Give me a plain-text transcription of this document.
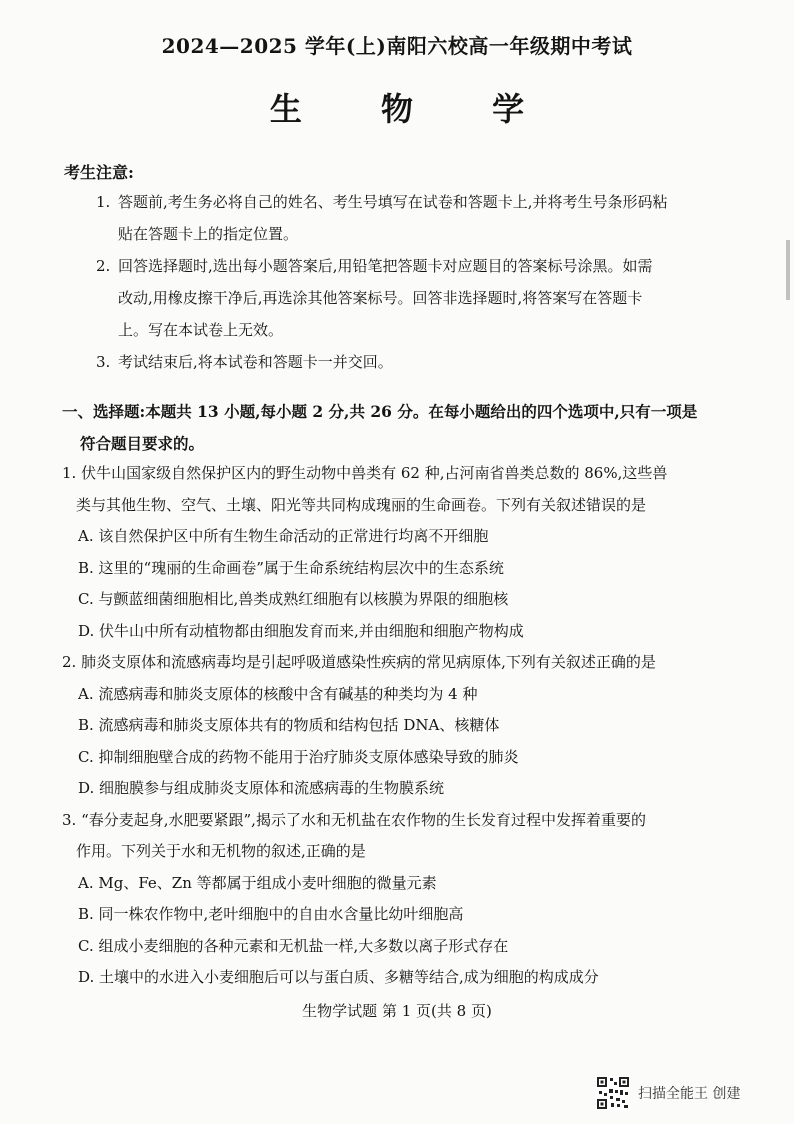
2024—2025 学年(上)南阳六校高一年级期中考试
生 物 学
考生注意:
1. 答题前,考生务必将自己的姓名、考生号填写在试卷和答题卡上,并将考生号条形码粘
贴在答题卡上的指定位置。
2. 回答选择题时,选出每小题答案后,用铅笔把答题卡对应题目的答案标号涂黑。如需
改动,用橡皮擦干净后,再选涂其他答案标号。回答非选择题时,将答案写在答题卡
上。写在本试卷上无效。
3. 考试结束后,将本试卷和答题卡一并交回。
一、选择题:本题共 13 小题,每小题 2 分,共 26 分。在每小题给出的四个选项中,只有一项是
符合题目要求的。
1. 伏牛山国家级自然保护区内的野生动物中兽类有 62 种,占河南省兽类总数的 86%,这些兽
类与其他生物、空气、土壤、阳光等共同构成瑰丽的生命画卷。下列有关叙述错误的是
A. 该自然保护区中所有生物生命活动的正常进行均离不开细胞
B. 这里的“瑰丽的生命画卷”属于生命系统结构层次中的生态系统
C. 与颤蓝细菌细胞相比,兽类成熟红细胞有以核膜为界限的细胞核
D. 伏牛山中所有动植物都由细胞发育而来,并由细胞和细胞产物构成
2. 肺炎支原体和流感病毒均是引起呼吸道感染性疾病的常见病原体,下列有关叙述正确的是
A. 流感病毒和肺炎支原体的核酸中含有碱基的种类均为 4 种
B. 流感病毒和肺炎支原体共有的物质和结构包括 DNA、核糖体
C. 抑制细胞壁合成的药物不能用于治疗肺炎支原体感染导致的肺炎
D. 细胞膜参与组成肺炎支原体和流感病毒的生物膜系统
3. “春分麦起身,水肥要紧跟”,揭示了水和无机盐在农作物的生长发育过程中发挥着重要的
作用。下列关于水和无机物的叙述,正确的是
A. Mg、Fe、Zn 等都属于组成小麦叶细胞的微量元素
B. 同一株农作物中,老叶细胞中的自由水含量比幼叶细胞高
C. 组成小麦细胞的各种元素和无机盐一样,大多数以离子形式存在
D. 土壤中的水进入小麦细胞后可以与蛋白质、多糖等结合,成为细胞的构成成分
生物学试题 第 1 页(共 8 页)
扫描全能王 创建
